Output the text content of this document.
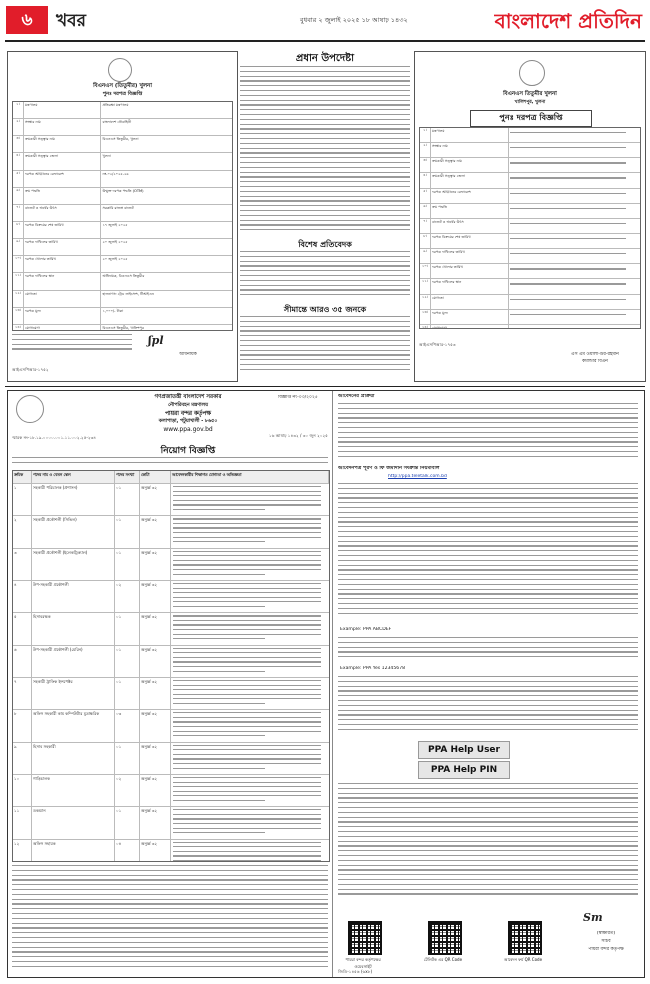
৬	খবর	বুধবার ২ জুলাই ২০২৫ ১৮ আষাঢ় ১৪৩২	বাংলাদেশ প্রতিদিন
বিএনএস (তিতুমীর) খুলনা
পুনঃ দরপত্র বিজ্ঞপ্তি
১।	মন্ত্রণালয়	প্রতিরক্ষা মন্ত্রণালয়
২।	সংস্থার নাম	বাংলাদেশ নৌবাহিনী
৩।	ক্রয়কারী সত্ত্বার নাম	বিএনএস তিতুমীর, খুলনা
৪।	ক্রয়কারী সত্ত্বার জেলা	খুলনা
৫।	দরপত্র আহ্বানের রেফারেন্স	নং-০২/২০২৫-২৬
৬।	ক্রয় পদ্ধতি	উন্মুক্ত দরপত্র পদ্ধতি (OTM)
৭।	বাজেট ও অর্থের উৎস	সরকারি রাজস্ব বাজেট
৮।	দরপত্র বিক্রয়ের শেষ তারিখ	১৭ জুলাই ২০২৫
৯।	দরপত্র দাখিলের তারিখ	২০ জুলাই ২০২৫
১০।	দরপত্র খোলার তারিখ	২০ জুলাই ২০২৫
১১।	দরপত্র দাখিলের স্থান	অধিনায়ক, বিএনএস তিতুমীর
১২।	যোগ্যতা	হালনাগাদ ট্রেড লাইসেন্স, টিআইএন
১৩।	দরপত্র মূল্য	১,০০০/- টাকা
১৪।	যোগাযোগ	বিএনএস তিতুমীর, খালিশপুর
ʃpl
অধিনায়ক
আইএসপিআর-১৭৫২
প্রধান উপদেষ্টা
বিশেষ প্রতিবেদক
সীমান্তে আরও ৩৫ জনকে
বিএনএস তিতুমীর খুলনা
খালিশপুর, খুলনা
পুনঃ দরপত্র বিজ্ঞপ্তি
১।	মন্ত্রণালয়
২।	সংস্থার নাম
৩।	ক্রয়কারী সত্ত্বার নাম
৪।	ক্রয়কারী সত্ত্বার জেলা
৫।	দরপত্র আহ্বানের রেফারেন্স
৬।	ক্রয় পদ্ধতি
৭।	বাজেট ও অর্থের উৎস
৮।	দরপত্র বিক্রয়ের শেষ তারিখ
৯।	দরপত্র দাখিলের তারিখ
১০।	দরপত্র খোলার তারিখ
১১।	দরপত্র দাখিলের স্থান
১২।	যোগ্যতা
১৩।	দরপত্র মূল্য
১৪।	যোগাযোগ
আইএসপিআর-১৭৫৩
এস এম ওয়ালী-উর-রহমান
কমান্ডার বিএন
গণপ্রজাতন্ত্রী বাংলাদেশ সরকার
নৌপরিবহন মন্ত্রণালয়
পায়রা বন্দর কর্তৃপক্ষ
কলাপাড়া, পটুয়াখালী - ৮৬৫০
www.ppa.gov.bd
বিজ্ঞপ্তি নং-০৩/২০২৫
স্মারক নং-১৮.১৯.০০০০.০০১.১১.০০২.২৫-২৩৪	১৬ আষাঢ় ১৪৩২ / ৩০ জুন ২০২৫
নিয়োগ বিজ্ঞপ্তি
ক্রমিক	পদের নাম ও বেতন স্কেল	পদের সংখ্যা	কোটা	আবেদনকারীর শিক্ষাগত যোগ্যতা ও অভিজ্ঞতা
১	সহকারী পরিচালক (প্রশাসন)	০১	অনুর্ধ্ব ৩২
২	সহকারী প্রকৌশলী (সিভিল)	০১	অনুর্ধ্ব ৩২
৩	সহকারী প্রকৌশলী (ইলেকট্রিক্যাল)	০১	অনুর্ধ্ব ৩২
৪	উপ-সহকারী প্রকৌশলী	০২	অনুর্ধ্ব ৩২
৫	হিসাবরক্ষক	০১	অনুর্ধ্ব ৩২
৬	উপ-সহকারী প্রকৌশলী (মেরিন)	০১	অনুর্ধ্ব ৩২
৭	সহকারী ট্রাফিক ইন্সপেক্টর	০১	অনুর্ধ্ব ৩২
৮	অফিস সহকারী কাম কম্পিউটার মুদ্রাক্ষরিক	০৩	অনুর্ধ্ব ৩২
৯	হিসাব সহকারী	০১	অনুর্ধ্ব ৩২
১০	গাড়িচালক	০২	অনুর্ধ্ব ৩২
১১	ডকম্যান	০১	অনুর্ধ্ব ৩২
১২	অফিস সহায়ক	০৪	অনুর্ধ্ব ৩২
আবেদনের প্রক্রিয়া
আবেদনপত্র পূরণ ও ফি জমাদান সংক্রান্ত নিয়মাবলি
http://ppa.teletalk.com.bd
Example: PPA ABCDEF
Example: PPA Yes 12345678
PPA Help User
PPA Help PIN
পায়রা বন্দর কর্তৃপক্ষের ওয়েবসাইট
টেলিটক এর QR Code	আবেদন ফর্ম QR Code
Sm
(স্বাক্ষরিত)
সচিব
পায়রা বন্দর কর্তৃপক্ষ
জিডি-১৪৫৬ (৬x৮)
